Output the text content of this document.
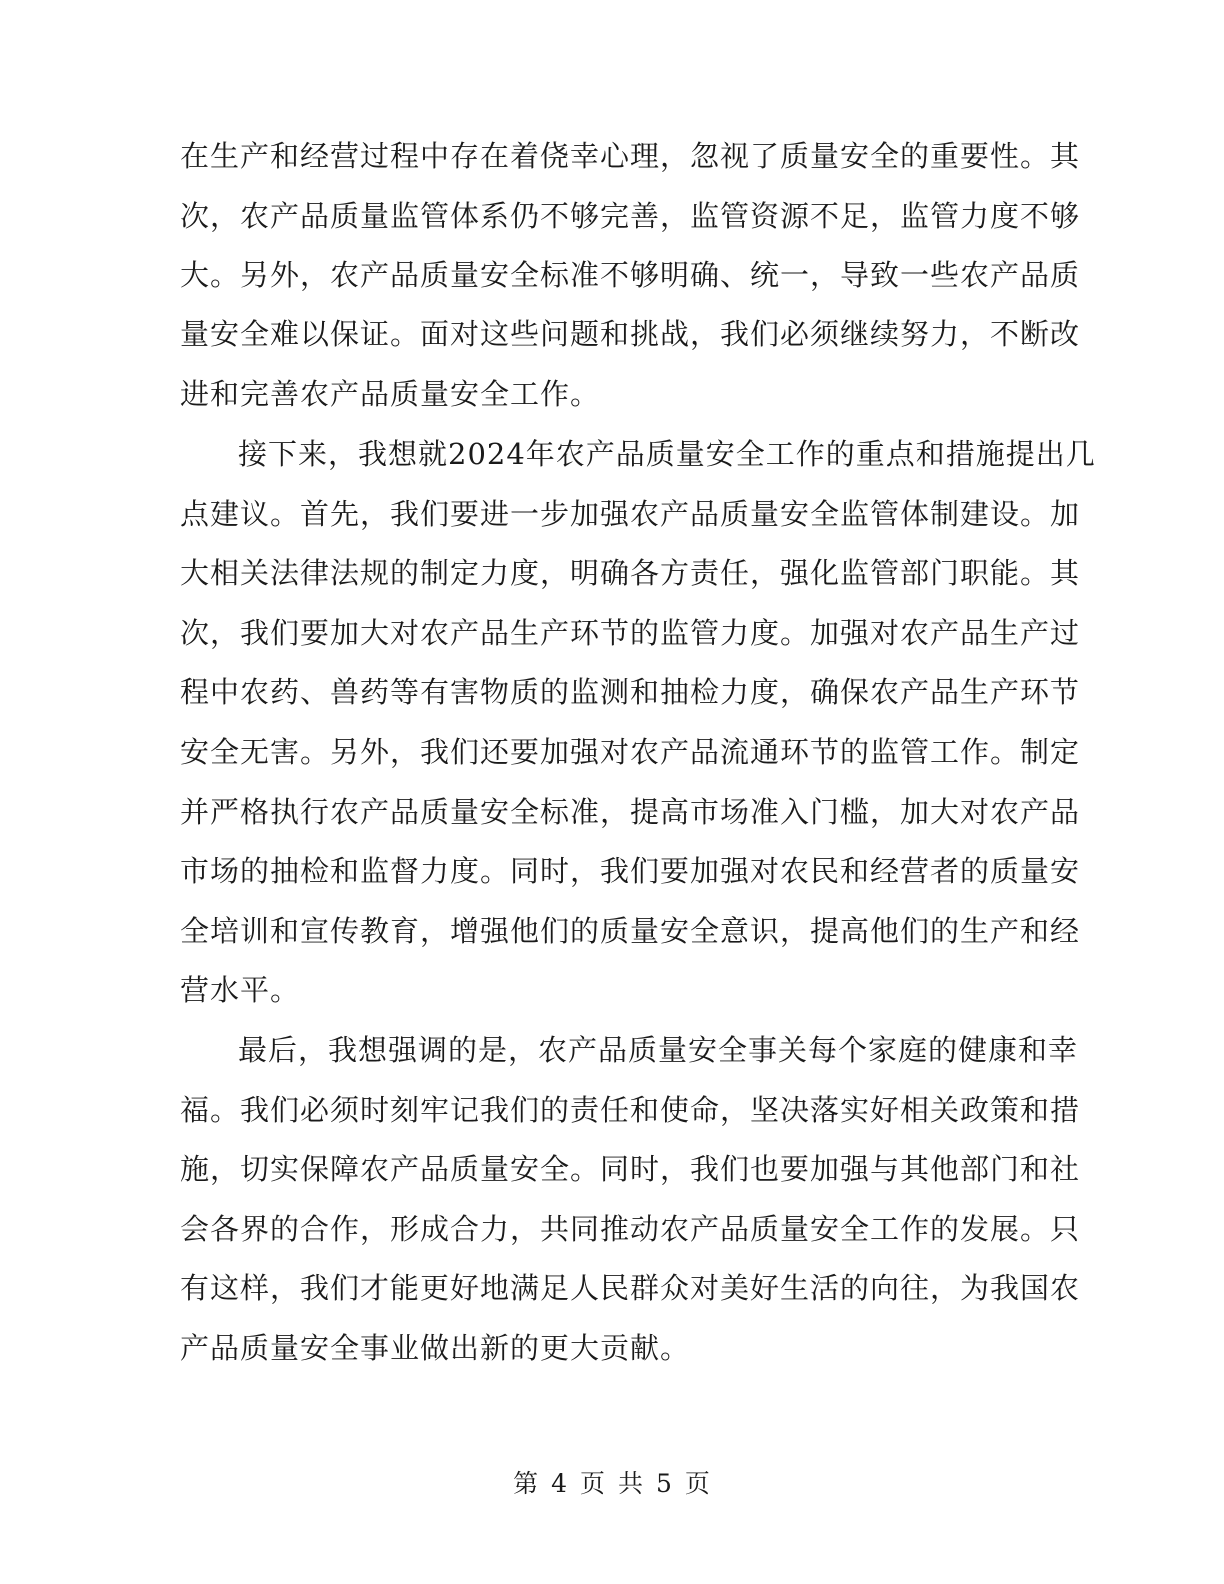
在生产和经营过程中存在着侥幸心理，忽视了质量安全的重要性。其
次，农产品质量监管体系仍不够完善，监管资源不足，监管力度不够
大。另外，农产品质量安全标准不够明确、统一，导致一些农产品质
量安全难以保证。面对这些问题和挑战，我们必须继续努力，不断改
进和完善农产品质量安全工作。
接下来，我想就2024年农产品质量安全工作的重点和措施提出几
点建议。首先，我们要进一步加强农产品质量安全监管体制建设。加
大相关法律法规的制定力度，明确各方责任，强化监管部门职能。其
次，我们要加大对农产品生产环节的监管力度。加强对农产品生产过
程中农药、兽药等有害物质的监测和抽检力度，确保农产品生产环节
安全无害。另外，我们还要加强对农产品流通环节的监管工作。制定
并严格执行农产品质量安全标准，提高市场准入门槛，加大对农产品
市场的抽检和监督力度。同时，我们要加强对农民和经营者的质量安
全培训和宣传教育，增强他们的质量安全意识，提高他们的生产和经
营水平。
最后，我想强调的是，农产品质量安全事关每个家庭的健康和幸
福。我们必须时刻牢记我们的责任和使命，坚决落实好相关政策和措
施，切实保障农产品质量安全。同时，我们也要加强与其他部门和社
会各界的合作，形成合力，共同推动农产品质量安全工作的发展。只
有这样，我们才能更好地满足人民群众对美好生活的向往，为我国农
产品质量安全事业做出新的更大贡献。
第 4 页 共 5 页
